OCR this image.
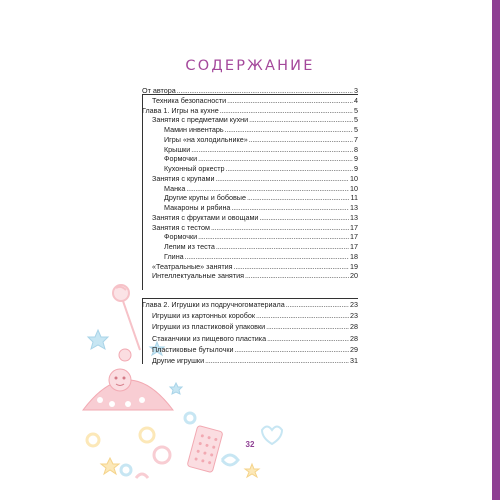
СОДЕРЖАНИЕ
От автора .....	3
Техника безопасности .....	4
Глава 1. Игры на кухне .....	5
Занятия с предметами кухни .....	5
Мамин инвентарь .....	5
Игры «на холодильнике» .....	7
Крышки .....	8
Формочки .....	9
Кухонный оркестр .....	9
Занятия с крупами .....	10
Манка .....	10
Другие крупы и бобовые .....	11
Макароны и рябина .....	13
Занятия с фруктами и овощами .....	13
Занятия с тестом .....	17
Формочки .....	17
Лепим из теста .....	17
Глина .....	18
«Театральные» занятия .....	19
Интеллектуальные занятия .....	20
Глава 2. Игрушки из подручногоматериала .....	23
Игрушки из картонных коробок .....	23
Игрушки из пластиковой упаковки .....	28
Стаканчики из пищевого пластика .....	28
Пластиковые бутылочки .....	29
Другие игрушки .....	31
32
